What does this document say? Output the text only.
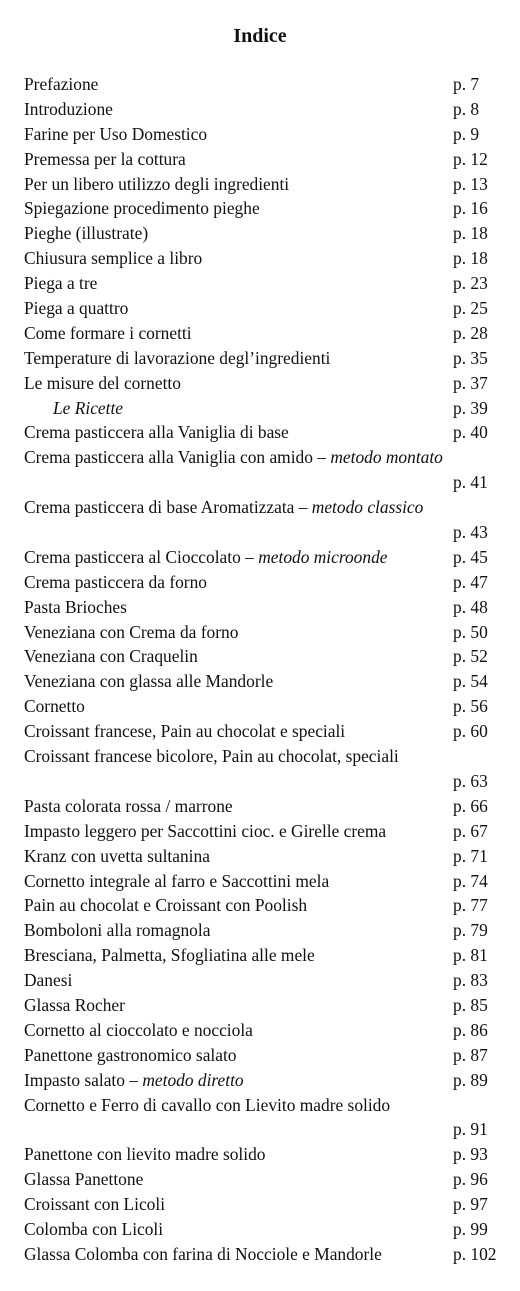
Indice
Prefazione	p. 7
Introduzione	p. 8
Farine per Uso Domestico	p. 9
Premessa per la cottura	p. 12
Per un libero utilizzo degli ingredienti	p. 13
Spiegazione procedimento pieghe	p. 16
Pieghe (illustrate)	p. 18
Chiusura semplice a libro	p. 18
Piega a tre	p. 23
Piega a quattro	p. 25
Come formare i cornetti	p. 28
Temperature di lavorazione degl’ingredienti	p. 35
Le misure del cornetto	p. 37
Le Ricette	p. 39
Crema pasticcera alla Vaniglia di base	p. 40
Crema pasticcera alla Vaniglia con amido – metodo montato
p. 41
Crema pasticcera di base Aromatizzata – metodo classico
p. 43
Crema pasticcera al Cioccolato – metodo microonde	p. 45
Crema pasticcera da forno	p. 47
Pasta Brioches	p. 48
Veneziana con Crema da forno	p. 50
Veneziana con Craquelin	p. 52
Veneziana con glassa alle Mandorle	p. 54
Cornetto	p. 56
Croissant francese, Pain au chocolat e speciali	p. 60
Croissant francese bicolore, Pain au chocolat, speciali
p. 63
Pasta colorata rossa / marrone	p. 66
Impasto leggero per Saccottini cioc. e Girelle crema	p. 67
Kranz con uvetta sultanina	p. 71
Cornetto integrale al farro e Saccottini mela	p. 74
Pain au chocolat e Croissant con Poolish	p. 77
Bomboloni alla romagnola	p. 79
Bresciana, Palmetta, Sfogliatina alle mele	p. 81
Danesi	p. 83
Glassa Rocher	p. 85
Cornetto al cioccolato e nocciola	p. 86
Panettone gastronomico salato	p. 87
Impasto salato – metodo diretto	p. 89
Cornetto e Ferro di cavallo con Lievito madre solido
p. 91
Panettone con lievito madre solido	p. 93
Glassa Panettone	p. 96
Croissant con Licoli	p. 97
Colomba con Licoli	p. 99
Glassa Colomba con farina di Nocciole e Mandorle	p. 102
